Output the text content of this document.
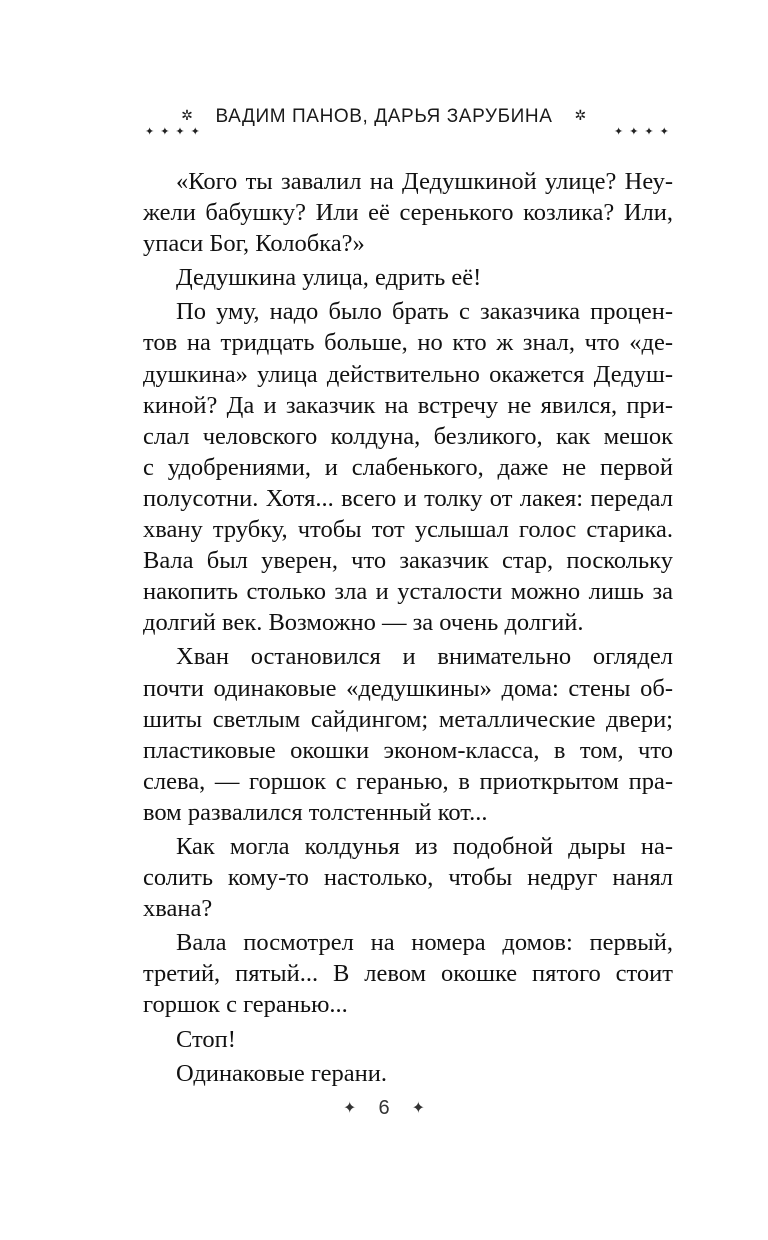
✲ ВАДИМ ПАНОВ, ДАРЬЯ ЗАРУБИНА ✲
✦✦✦✦	✦✦✦✦

«Кого ты завалил на Дедушкиной улице? Неу-
жели бабушку? Или её серенького козлика? Или,
упаси Бог, Колобка?»

Дедушкина улица, едрить её!

По уму, надо было брать с заказчика процен-
тов на тридцать больше, но кто ж знал, что «де-
душкина» улица действительно окажется Дедуш-
киной? Да и заказчик на встречу не явился, при-
слал человского колдуна, безликого, как мешок
с удобрениями, и слабенького, даже не первой
полусотни. Хотя... всего и толку от лакея: передал
хвану трубку, чтобы тот услышал голос старика.
Вала был уверен, что заказчик стар, поскольку
накопить столько зла и усталости можно лишь за
долгий век. Возможно — за очень долгий.

Хван остановился и внимательно оглядел
почти одинаковые «дедушкины» дома: стены об-
шиты светлым сайдингом; металлические двери;
пластиковые окошки эконом-класса, в том, что
слева, — горшок с геранью, в приоткрытом пра-
вом развалился толстенный кот...

Как могла колдунья из подобной дыры на-
солить кому-то настолько, чтобы недруг нанял
хвана?

Вала посмотрел на номера домов: первый,
третий, пятый... В левом окошке пятого стоит
горшок с геранью...

Стоп!

Одинаковые герани.

✦ 6 ✦
